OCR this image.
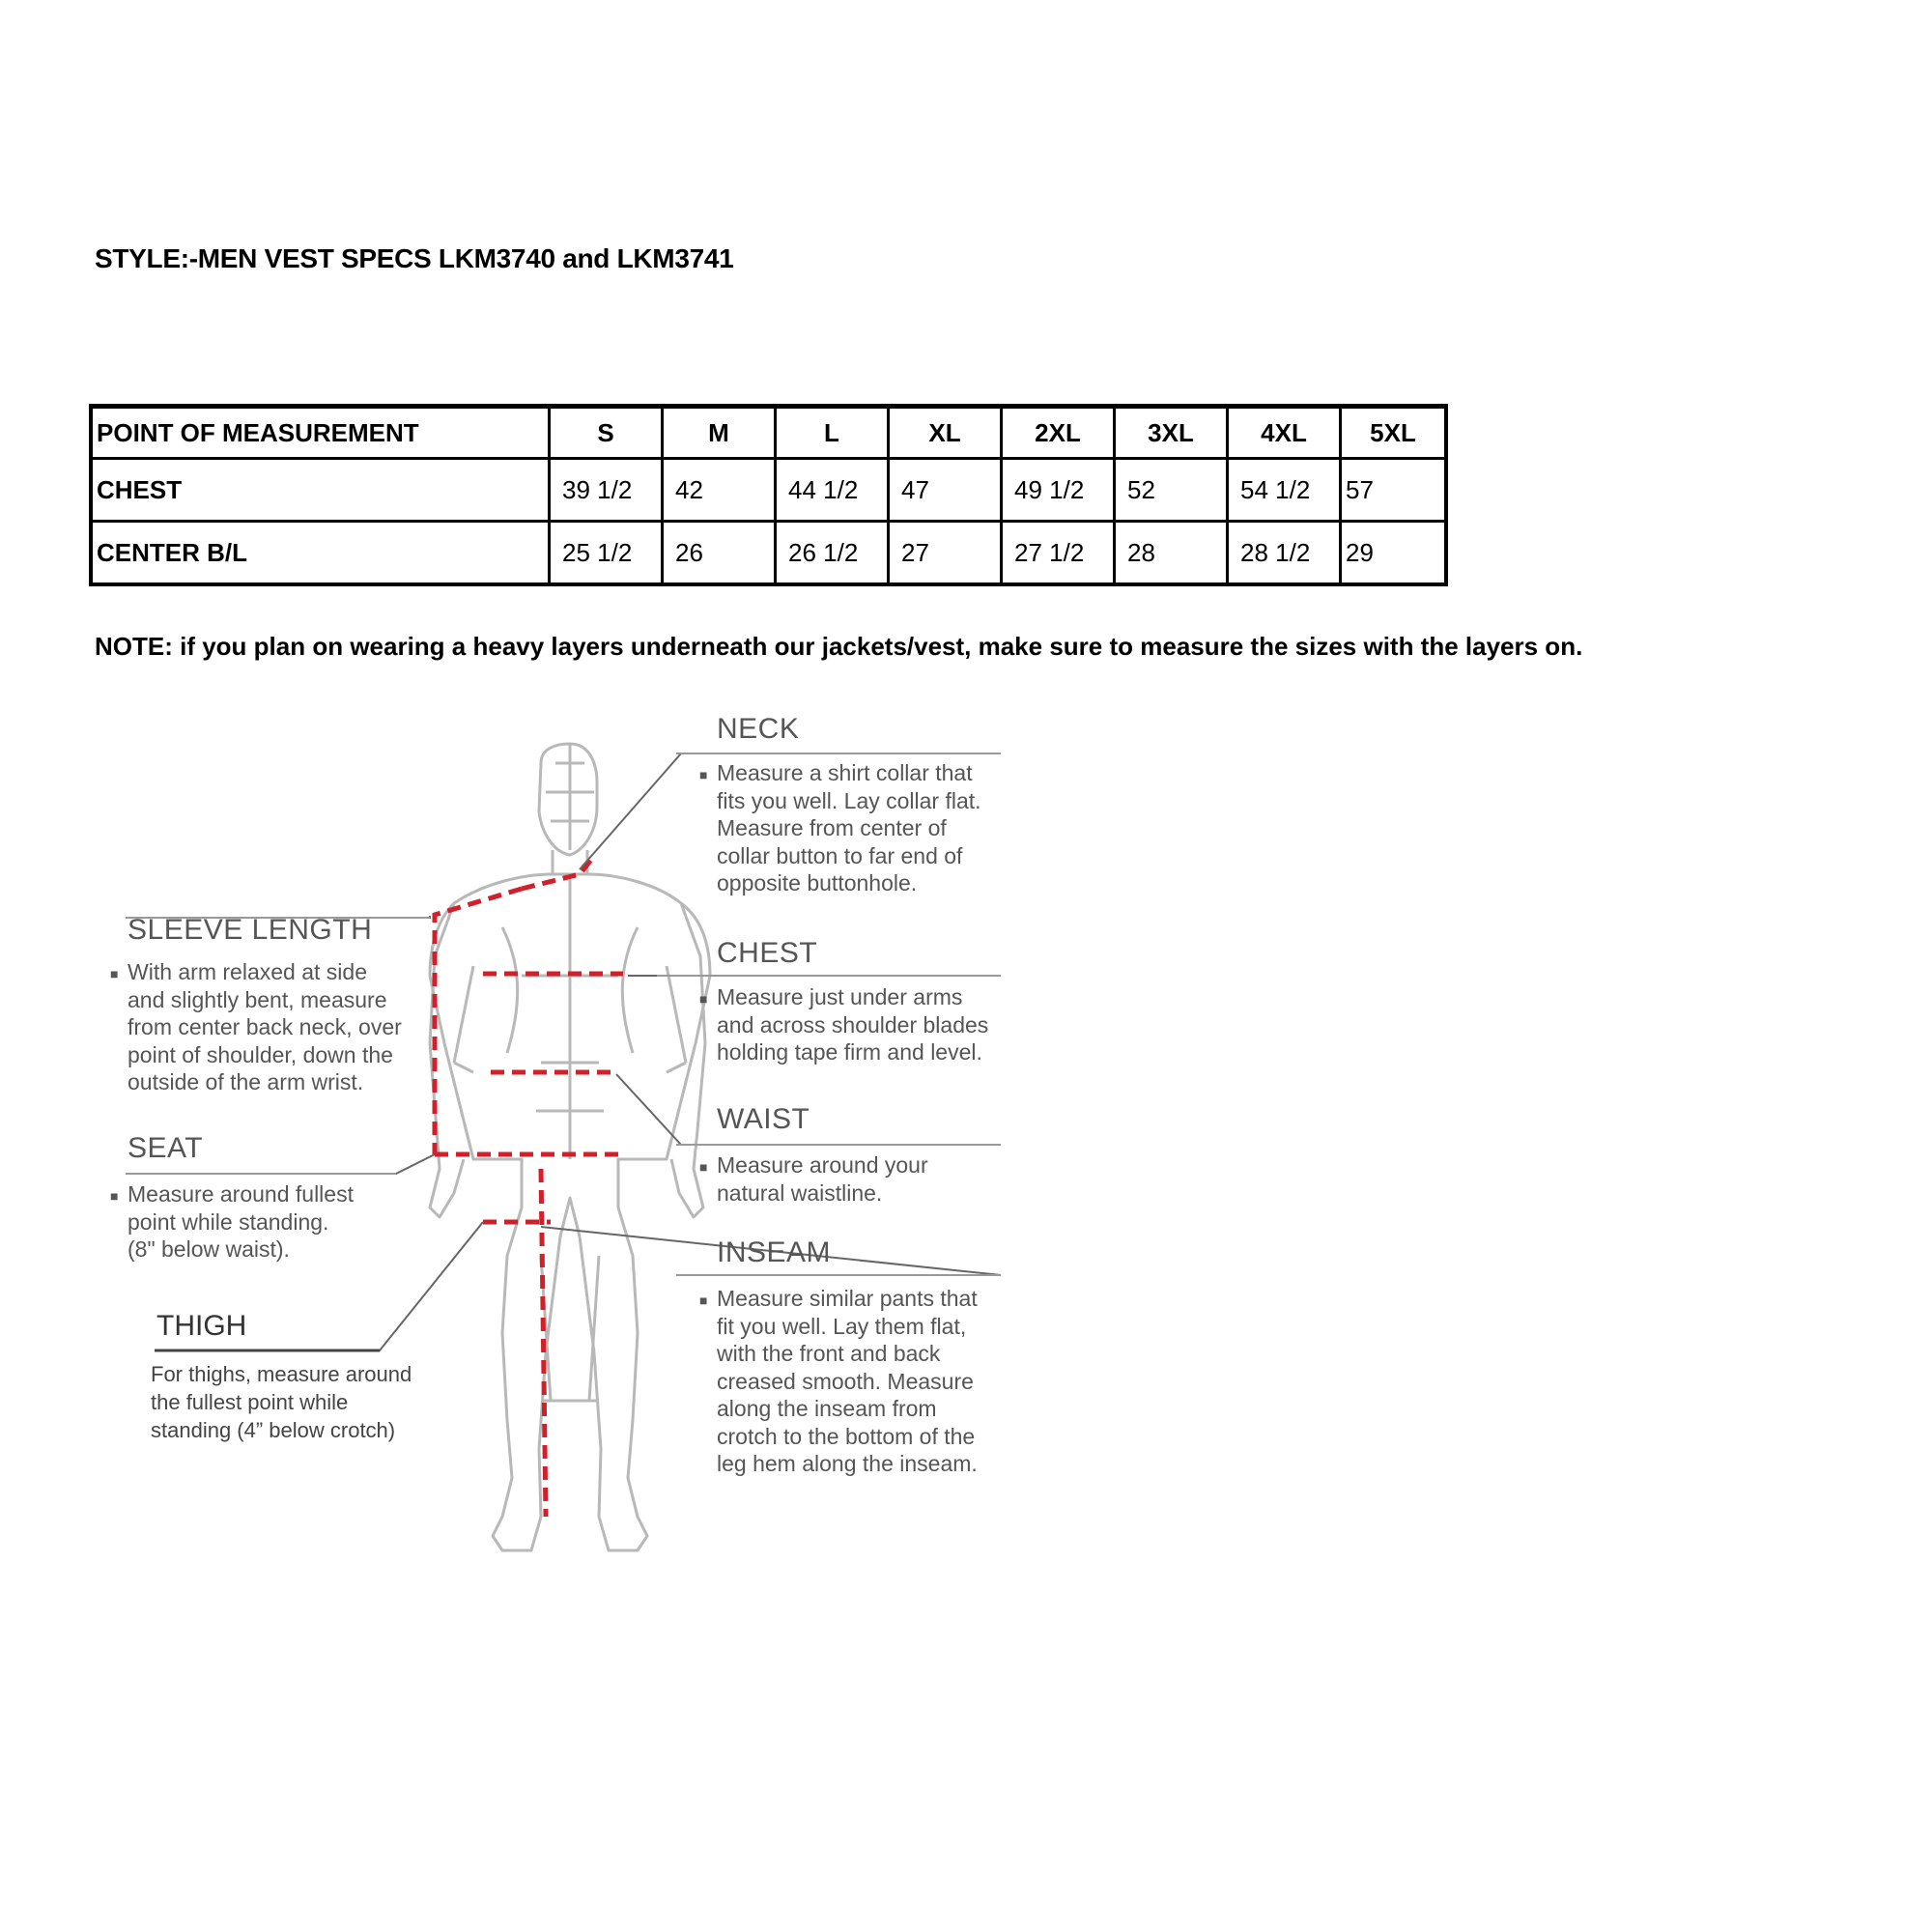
STYLE:-MEN VEST SPECS LKM3740 and LKM3741
POINT OF MEASUREMENT	S	M	L	XL	2XL	3XL	4XL	5XL
CHEST	39 1/2	42	44 1/2	47	49 1/2	52	54 1/2	57
CENTER B/L	25 1/2	26	26 1/2	27	27 1/2	28	28 1/2	29
NOTE: if you plan on wearing a heavy layers underneath our jackets/vest, make sure to measure the sizes with the layers on.
NECK
■ Measure a shirt collar that
fits you well. Lay collar flat.
Measure from center of
collar button to far end of
opposite buttonhole.
CHEST
■ Measure just under arms
and across shoulder blades
holding tape firm and level.
WAIST
■ Measure around your
natural waistline.
INSEAM
■ Measure similar pants that
fit you well. Lay them flat,
with the front and back
creased smooth. Measure
along the inseam from
crotch to the bottom of the
leg hem along the inseam.
SLEEVE LENGTH
■ With arm relaxed at side
and slightly bent, measure
from center back neck, over
point of shoulder, down the
outside of the arm wrist.
SEAT
■ Measure around fullest
point while standing.
(8" below waist).
THIGH
For thighs, measure around
the fullest point while
standing (4” below crotch)
